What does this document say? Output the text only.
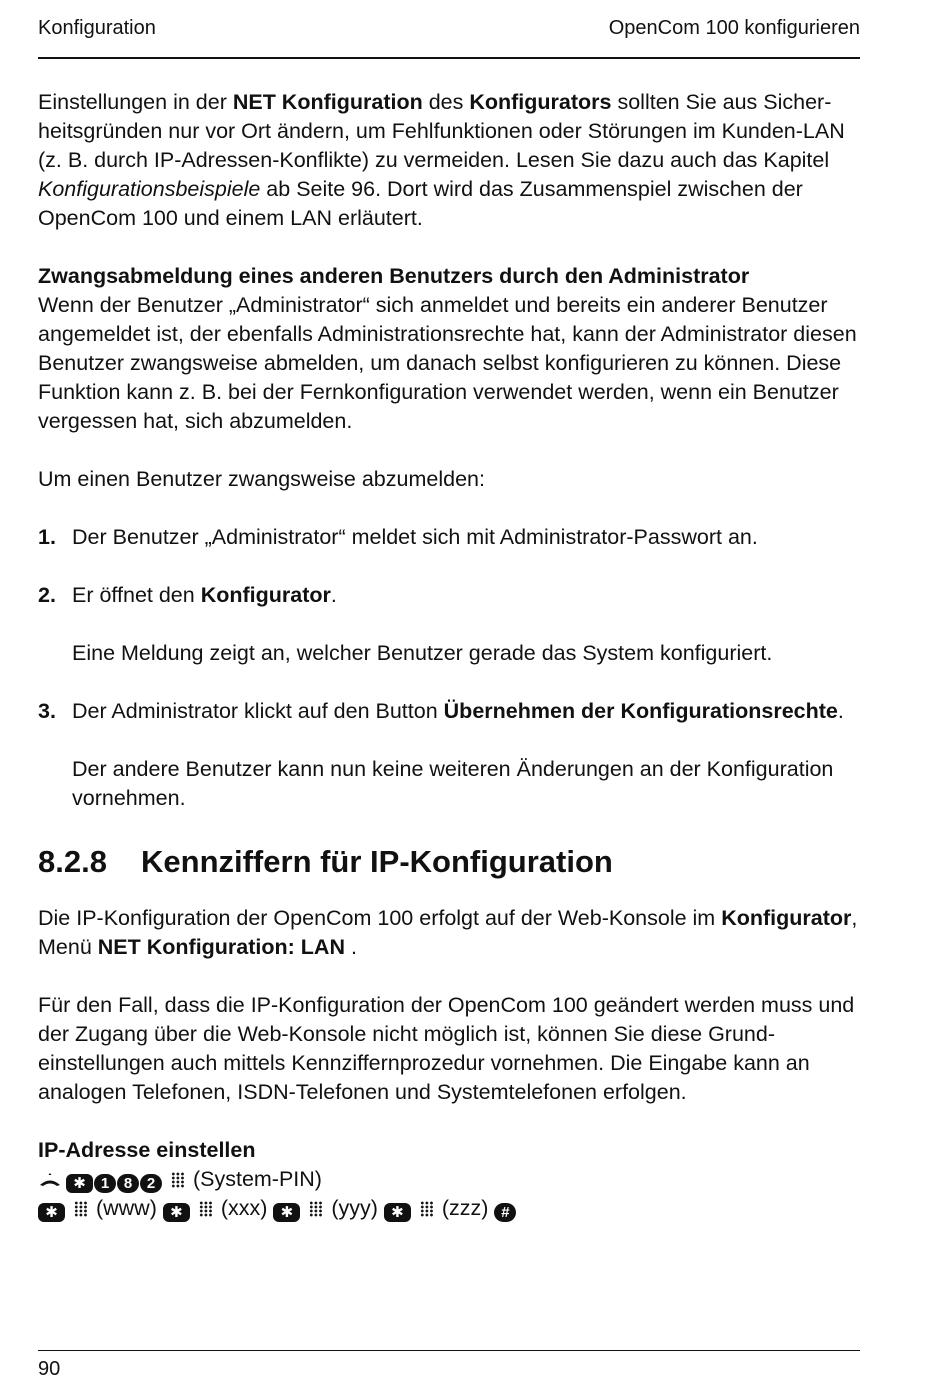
Konfiguration	OpenCom 100 konfigurieren

Einstellungen in der NET Konfiguration des Konfigurators sollten Sie aus Sicherheitsgründen nur vor Ort ändern, um Fehlfunktionen oder Störungen im Kunden-LAN (z. B. durch IP-Adressen-Konflikte) zu vermeiden. Lesen Sie dazu auch das Kapitel Konfigurationsbeispiele ab Seite 96. Dort wird das Zusammenspiel zwischen der OpenCom 100 und einem LAN erläutert.

Zwangsabmeldung eines anderen Benutzers durch den Administrator
Wenn der Benutzer „Administrator“ sich anmeldet und bereits ein anderer Benutzer angemeldet ist, der ebenfalls Administrationsrechte hat, kann der Administrator diesen Benutzer zwangsweise abmelden, um danach selbst konfigurieren zu können. Diese Funktion kann z. B. bei der Fernkonfiguration verwendet werden, wenn ein Benutzer vergessen hat, sich abzumelden.

Um einen Benutzer zwangsweise abzumelden:

1. Der Benutzer „Administrator“ meldet sich mit Administrator-Passwort an.
2. Er öffnet den Konfigurator.
Eine Meldung zeigt an, welcher Benutzer gerade das System konfiguriert.
3. Der Administrator klickt auf den Button Übernehmen der Konfigurationsrechte.
Der andere Benutzer kann nun keine weiteren Änderungen an der Konfiguration vornehmen.
8.2.8 Kennziffern für IP-Konfiguration

Die IP-Konfiguration der OpenCom 100 erfolgt auf der Web-Konsole im Konfigurator, Menü NET Konfiguration: LAN .

Für den Fall, dass die IP-Konfiguration der OpenCom 100 geändert werden muss und der Zugang über die Web-Konsole nicht möglich ist, können Sie diese Grundeinstellungen auch mittels Kennziffernprozedur vornehmen. Die Eingabe kann an analogen Telefonen, ISDN-Telefonen und Systemtelefonen erfolgen.

IP-Adresse einstellen
✱ 1 8 2 (System-PIN)
✱ (www) ✱ (xxx) ✱ (yyy) ✱ (zzz) #
90
